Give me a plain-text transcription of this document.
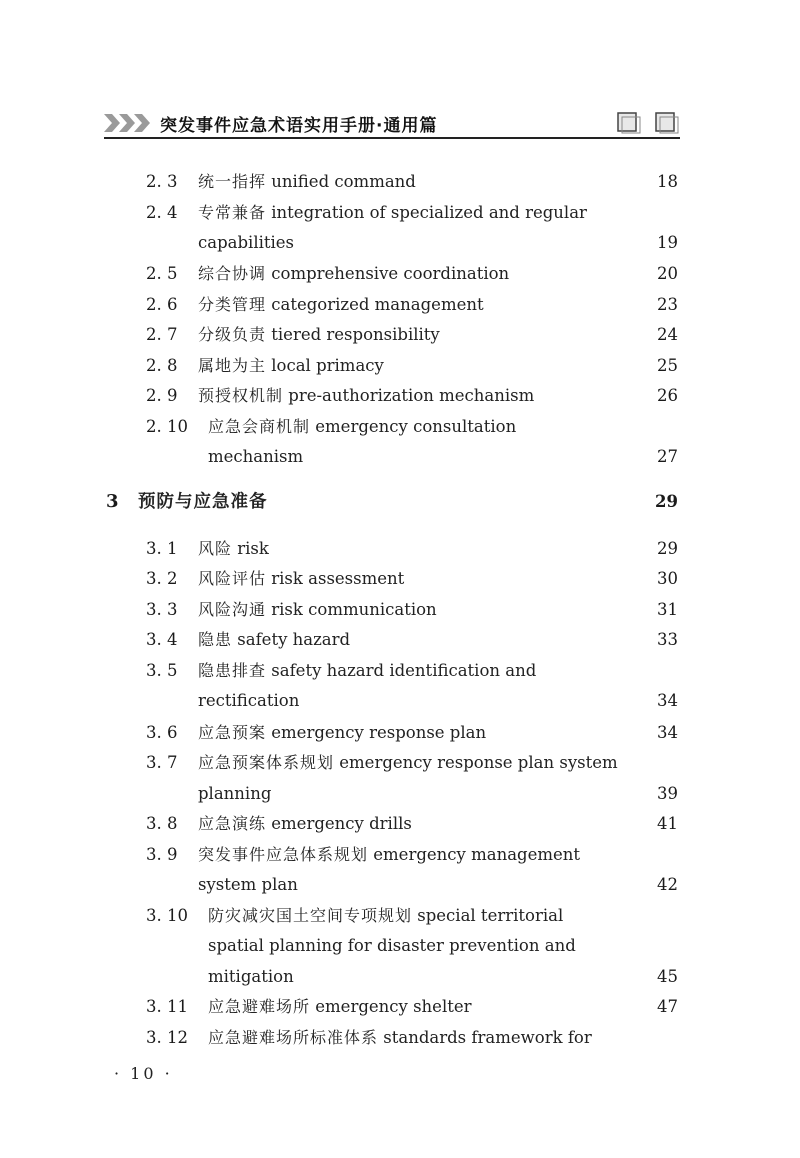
突发事件应急术语实用手册·通用篇
2. 3 统一指挥 unified command	18
2. 4 专常兼备 integration of specialized and regular
capabilities	19
2. 5 综合协调 comprehensive coordination	20
2. 6 分类管理 categorized management	23
2. 7 分级负责 tiered responsibility	24
2. 8 属地为主 local primacy	25
2. 9 预授权机制 pre-authorization mechanism	26
2. 10 应急会商机制 emergency consultation
mechanism	27
3 预防与应急准备	29
3. 1 风险 risk	29
3. 2 风险评估 risk assessment	30
3. 3 风险沟通 risk communication	31
3. 4 隐患 safety hazard	33
3. 5 隐患排查 safety hazard identification and
rectification	34
3. 6 应急预案 emergency response plan	34
3. 7 应急预案体系规划 emergency response plan system
planning	39
3. 8 应急演练 emergency drills	41
3. 9 突发事件应急体系规划 emergency management
system plan	42
3. 10 防灾减灾国土空间专项规划 special territorial
spatial planning for disaster prevention and
mitigation	45
3. 11 应急避难场所 emergency shelter	47
3. 12 应急避难场所标准体系 standards framework for
· 10 ·
